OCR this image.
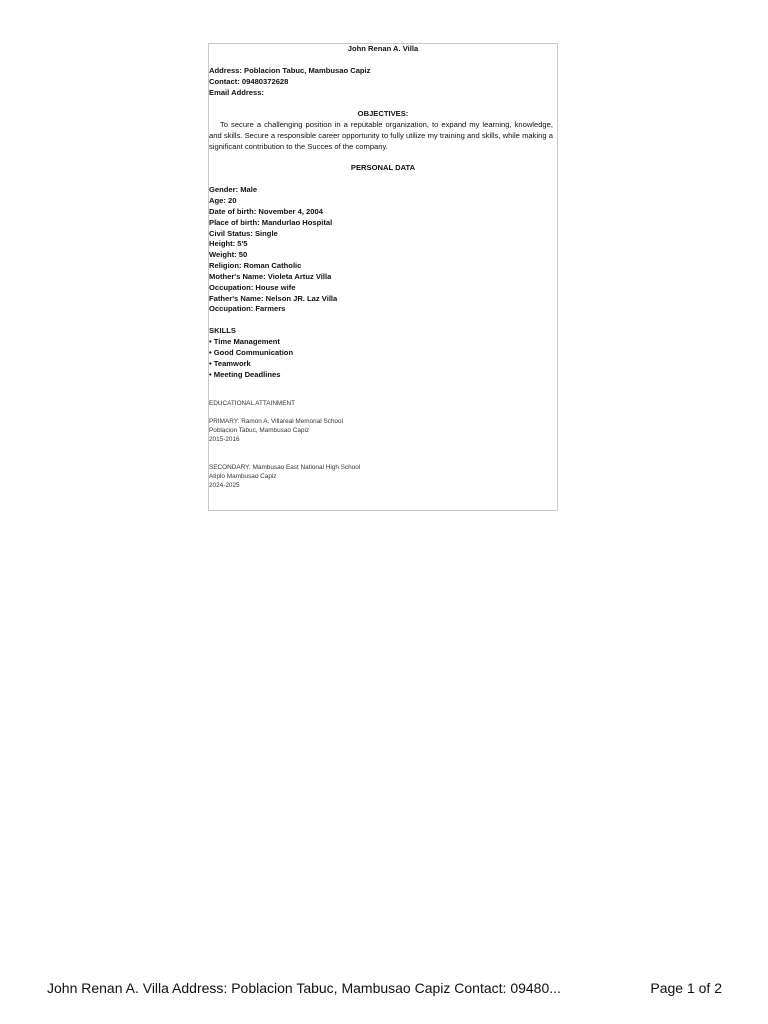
John Renan A. Villa
Address: Poblacion Tabuc, Mambusao Capiz
Contact: 09480372628
Email Address:
OBJECTIVES:
To secure a challenging position in a reputable organization, to expand my learning, knowledge, and skills. Secure a responsible career opportunity to fully utilize my training and skills, while making a significant contribution to the Succes of the company.
PERSONAL DATA
Gender: Male
Age: 20
Date of birth: November 4, 2004
Place of birth: Mandurlao Hospital
Civil Status: Single
Height: 5'5
Weight: 50
Religion: Roman Catholic
Mother's Name: Violeta Artuz Villa
Occupation: House wife
Father's Name: Nelson JR. Laz Villa
Occupation: Farmers
SKILLS
• Time Management
• Good Communication
• Teamwork
• Meeting Deadlines
EDUCATIONAL ATTAINMENT
PRIMARY: Ramon A. Villareal Memorial School
Poblacion Tabuc, Mambusao Capiz
2015-2016
SECONDARY: Mambusao East National High School
Atiplo Mambusao Capiz
2024-2025
John Renan A. Villa Address: Poblacion Tabuc, Mambusao Capiz Contact: 09480...	Page 1 of 2
